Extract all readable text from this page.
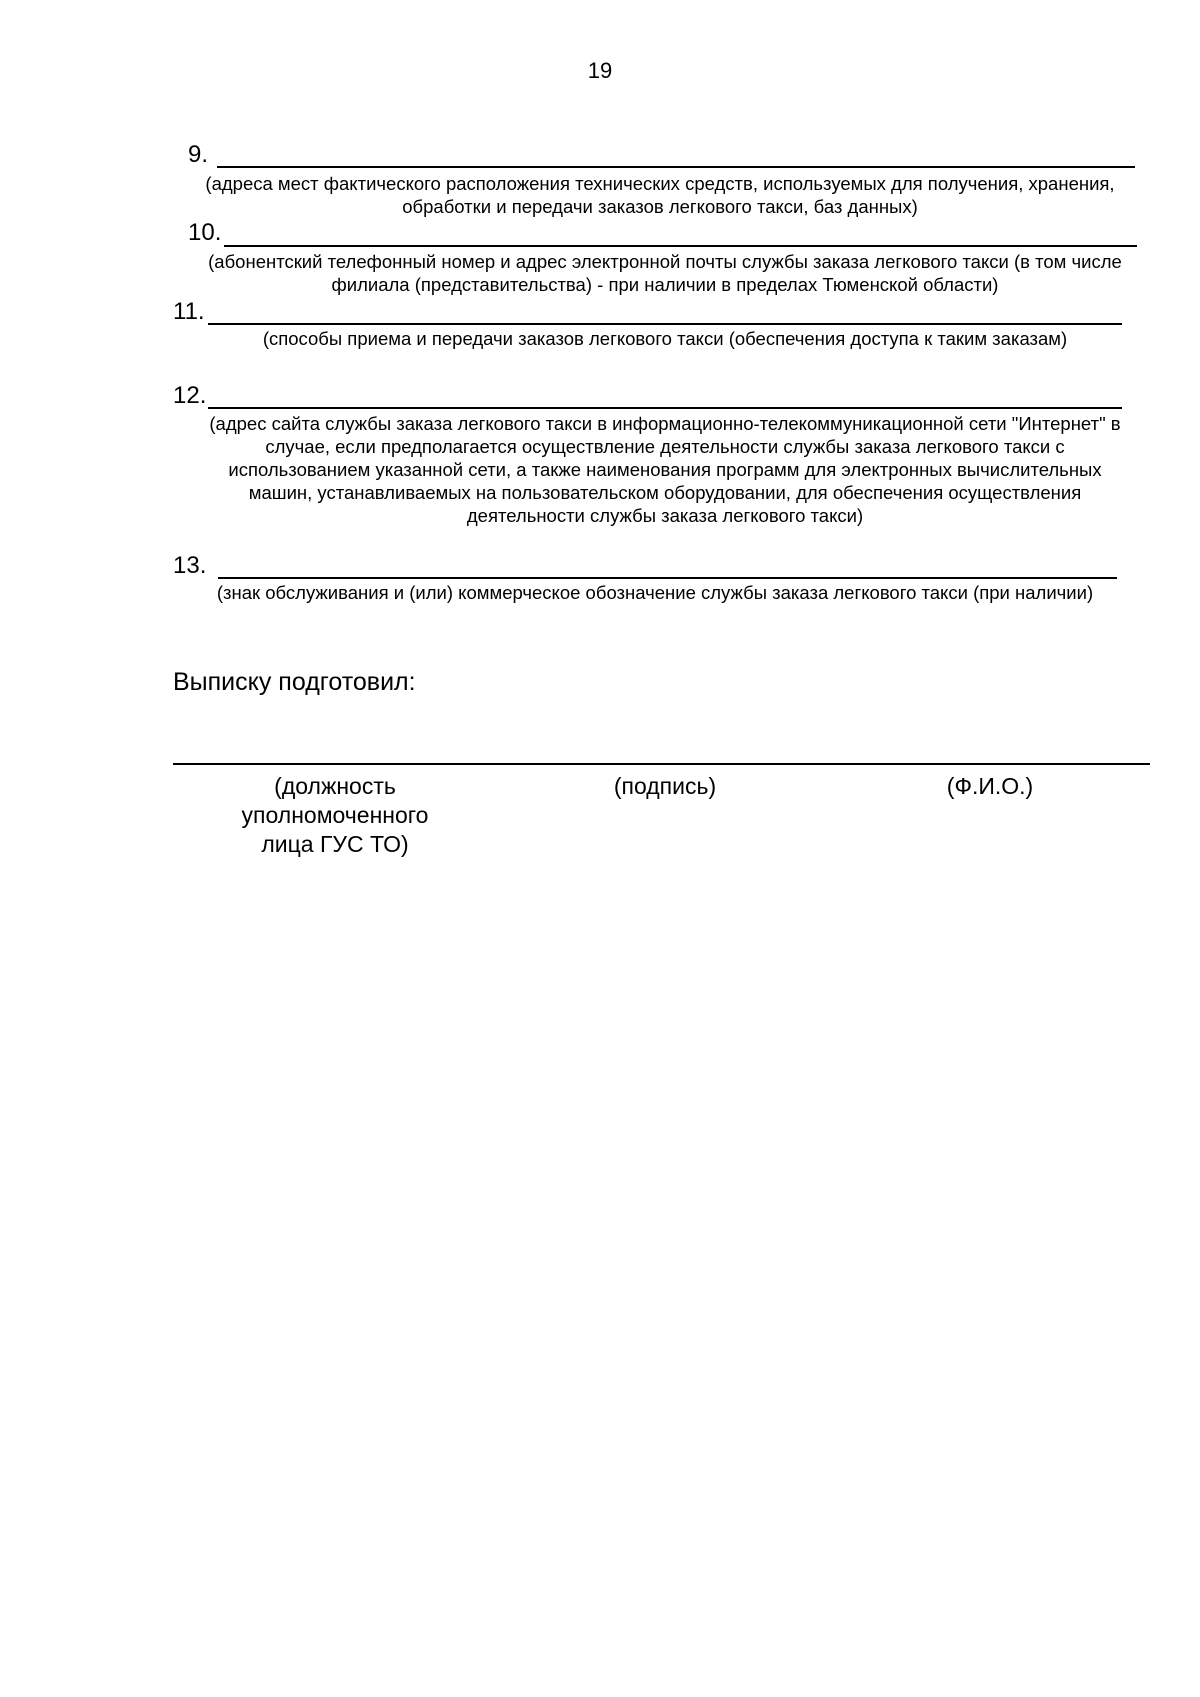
19
9.
(адреса мест фактического расположения технических средств, используемых для получения, хранения, обработки и передачи заказов легкового такси, баз данных)
10.
(абонентский телефонный номер и адрес электронной почты службы заказа легкового такси (в том числе филиала (представительства) - при наличии в пределах Тюменской области)
11.
(способы приема и передачи заказов легкового такси (обеспечения доступа к таким заказам)
12.
(адрес сайта службы заказа легкового такси в информационно-телекоммуникационной сети "Интернет" в случае, если предполагается осуществление деятельности службы заказа легкового такси с использованием указанной сети, а также наименования программ для электронных вычислительных машин, устанавливаемых на пользовательском оборудовании, для обеспечения осуществления деятельности службы заказа легкового такси)
13.
(знак обслуживания и (или) коммерческое обозначение службы заказа легкового такси (при наличии)
Выписку подготовил:
(должность уполномоченного лица ГУС ТО)
(подпись)	(Ф.И.О.)
